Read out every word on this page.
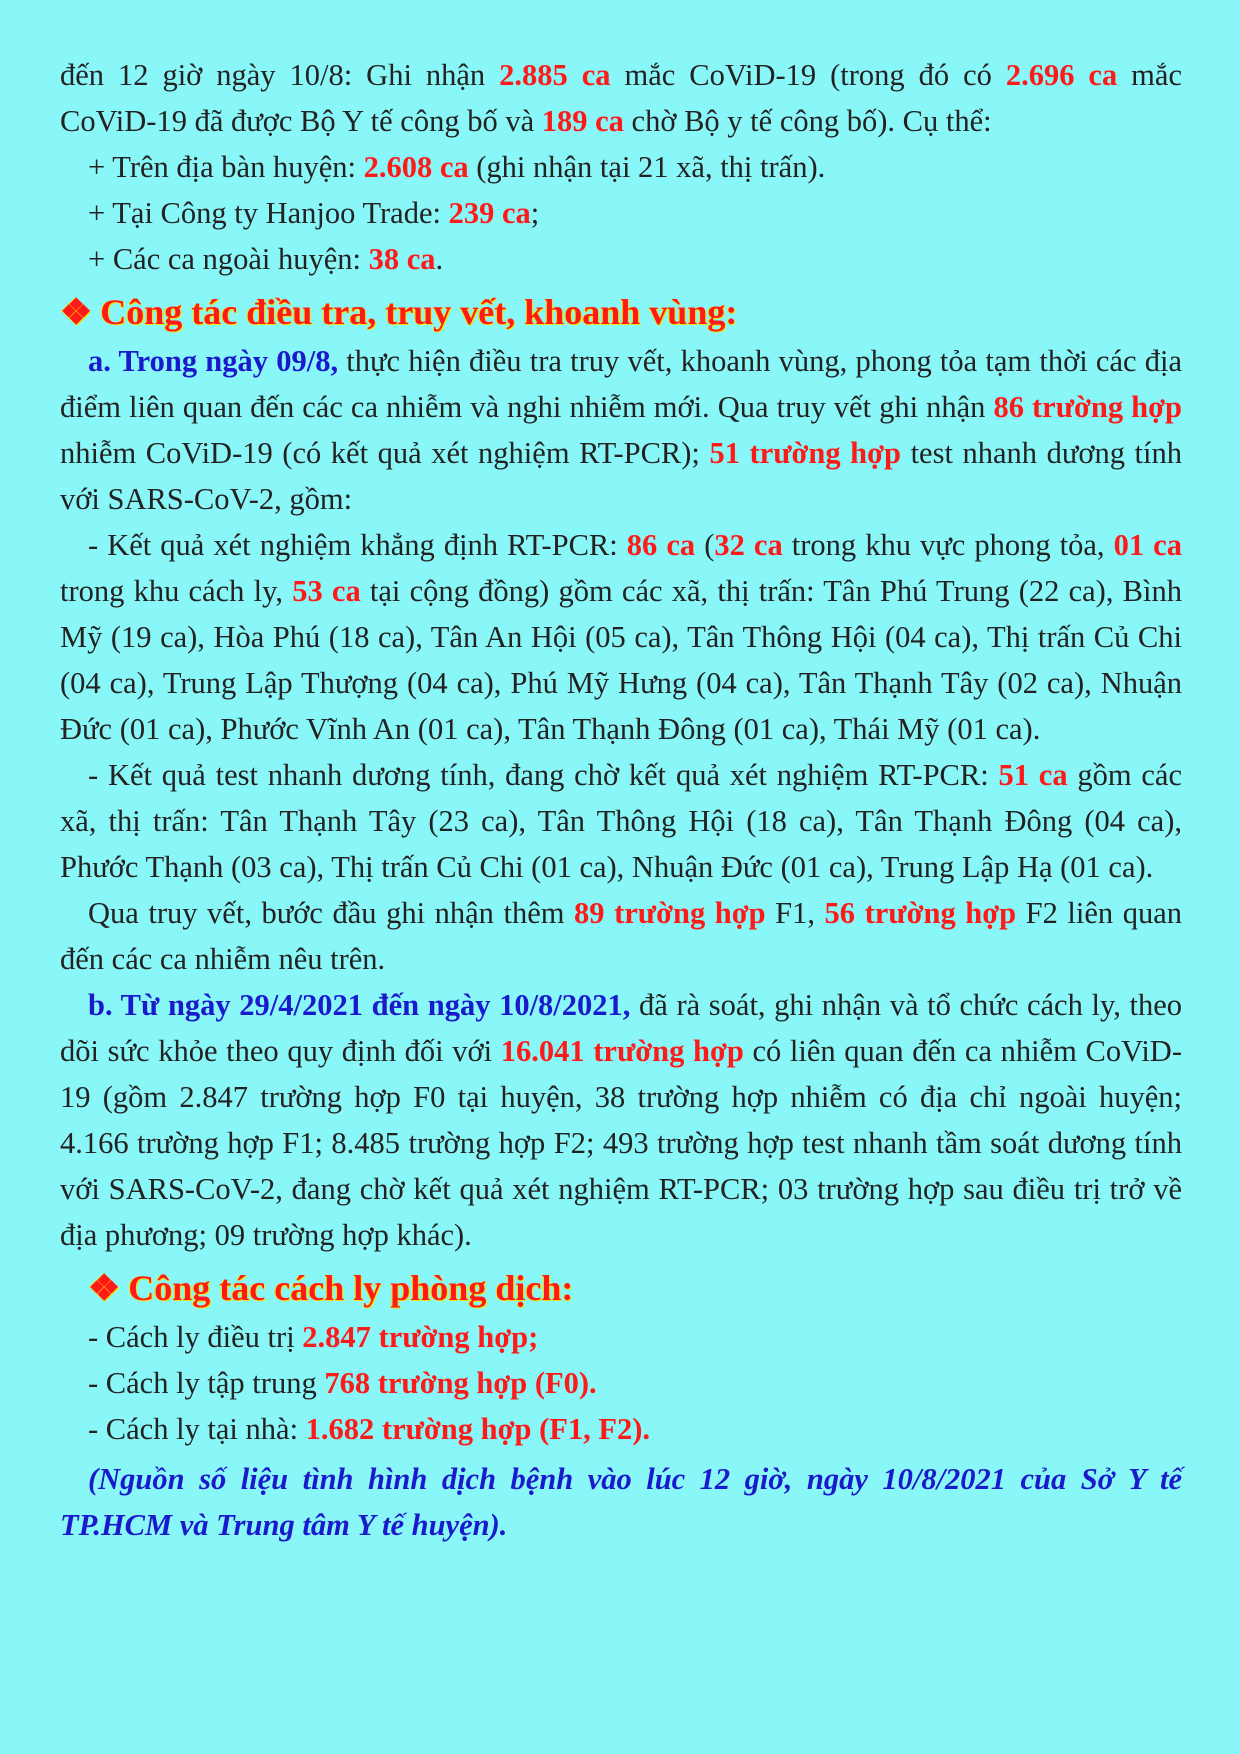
đến 12 giờ ngày 10/8: Ghi nhận 2.885 ca mắc CoViD-19 (trong đó có 2.696 ca mắc CoViD-19 đã được Bộ Y tế công bố và 189 ca chờ Bộ y tế công bố). Cụ thể:

+ Trên địa bàn huyện: 2.608 ca (ghi nhận tại 21 xã, thị trấn).

+ Tại Công ty Hanjoo Trade: 239 ca;

+ Các ca ngoài huyện: 38 ca.

❖ Công tác điều tra, truy vết, khoanh vùng:

a. Trong ngày 09/8, thực hiện điều tra truy vết, khoanh vùng, phong tỏa tạm thời các địa điểm liên quan đến các ca nhiễm và nghi nhiễm mới. Qua truy vết ghi nhận 86 trường hợp nhiễm CoViD-19 (có kết quả xét nghiệm RT-PCR); 51 trường hợp test nhanh dương tính với SARS-CoV-2, gồm:

- Kết quả xét nghiệm khẳng định RT-PCR: 86 ca (32 ca trong khu vực phong tỏa, 01 ca trong khu cách ly, 53 ca tại cộng đồng) gồm các xã, thị trấn: Tân Phú Trung (22 ca), Bình Mỹ (19 ca), Hòa Phú (18 ca), Tân An Hội (05 ca), Tân Thông Hội (04 ca), Thị trấn Củ Chi (04 ca), Trung Lập Thượng (04 ca), Phú Mỹ Hưng (04 ca), Tân Thạnh Tây (02 ca), Nhuận Đức (01 ca), Phước Vĩnh An (01 ca), Tân Thạnh Đông (01 ca), Thái Mỹ (01 ca).

- Kết quả test nhanh dương tính, đang chờ kết quả xét nghiệm RT-PCR: 51 ca gồm các xã, thị trấn: Tân Thạnh Tây (23 ca), Tân Thông Hội (18 ca), Tân Thạnh Đông (04 ca), Phước Thạnh (03 ca), Thị trấn Củ Chi (01 ca), Nhuận Đức (01 ca), Trung Lập Hạ (01 ca).

Qua truy vết, bước đầu ghi nhận thêm 89 trường hợp F1, 56 trường hợp F2 liên quan đến các ca nhiễm nêu trên.

b. Từ ngày 29/4/2021 đến ngày 10/8/2021, đã rà soát, ghi nhận và tổ chức cách ly, theo dõi sức khỏe theo quy định đối với 16.041 trường hợp có liên quan đến ca nhiễm CoViD-19 (gồm 2.847 trường hợp F0 tại huyện, 38 trường hợp nhiễm có địa chỉ ngoài huyện; 4.166 trường hợp F1; 8.485 trường hợp F2; 493 trường hợp test nhanh tầm soát dương tính với SARS-CoV-2, đang chờ kết quả xét nghiệm RT-PCR; 03 trường hợp sau điều trị trở về địa phương; 09 trường hợp khác).

❖ Công tác cách ly phòng dịch:

- Cách ly điều trị 2.847 trường hợp;

- Cách ly tập trung 768 trường hợp (F0).

- Cách ly tại nhà: 1.682 trường hợp (F1, F2).

(Nguồn số liệu tình hình dịch bệnh vào lúc 12 giờ, ngày 10/8/2021 của Sở Y tế TP.HCM và Trung tâm Y tế huyện).
